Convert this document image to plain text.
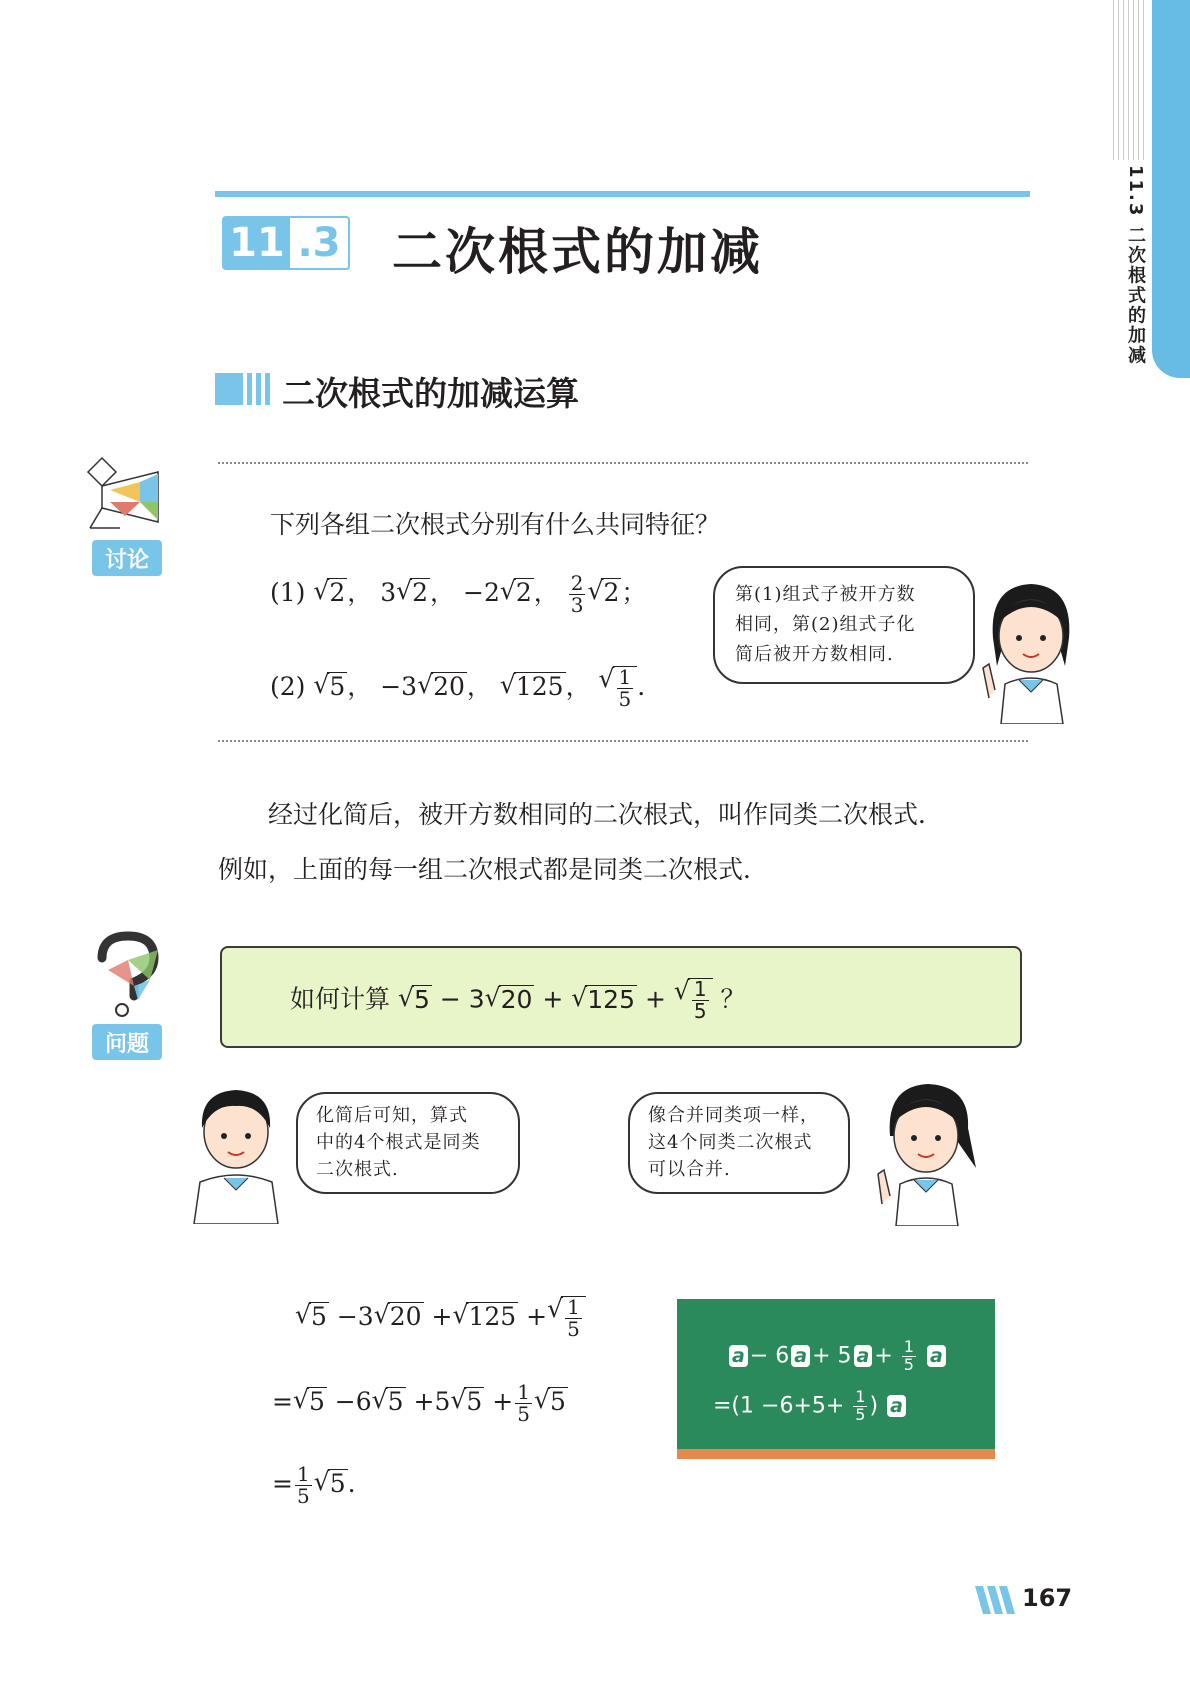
11.3 二次根式的加减
11 .3 二次根式的加减
二次根式的加减运算
讨论
下列各组二次根式分别有什么共同特征？
(1) √ 2， 3 √ 2， −2 √ 2， $\frac{2}{3}$ √ 2；
(2) √ 5， −3 √ 20， √ 125， √ $\frac{1}{5}$ .
第(1)组式子被开方数
相同，第(2)组式子化
简后被开方数相同.
经过化简后，被开方数相同的二次根式，叫作同类二次根式．
例如，上面的每一组二次根式都是同类二次根式．
问题
如何计算 √ 5 − 3 √ 20 + √ 125 + √ $\frac{1}{5}$ ？
化简后可知，算式
中的4个根式是同类
二次根式.
像合并同类项一样，
这4个同类二次根式
可以合并.
√ 5 −3 √ 20 + √ 125 + √ $\frac{1}{5}$
= √ 5 −6 √ 5 +5 √ $5 + \frac{1}{5}$ √ 5
= $\frac{1}{5}$ √ 5.
a − 6 a + 5 $a + \frac{1}{5}$ a
$=(1 -6+5+ \frac{1}{5}$ ) a
167
